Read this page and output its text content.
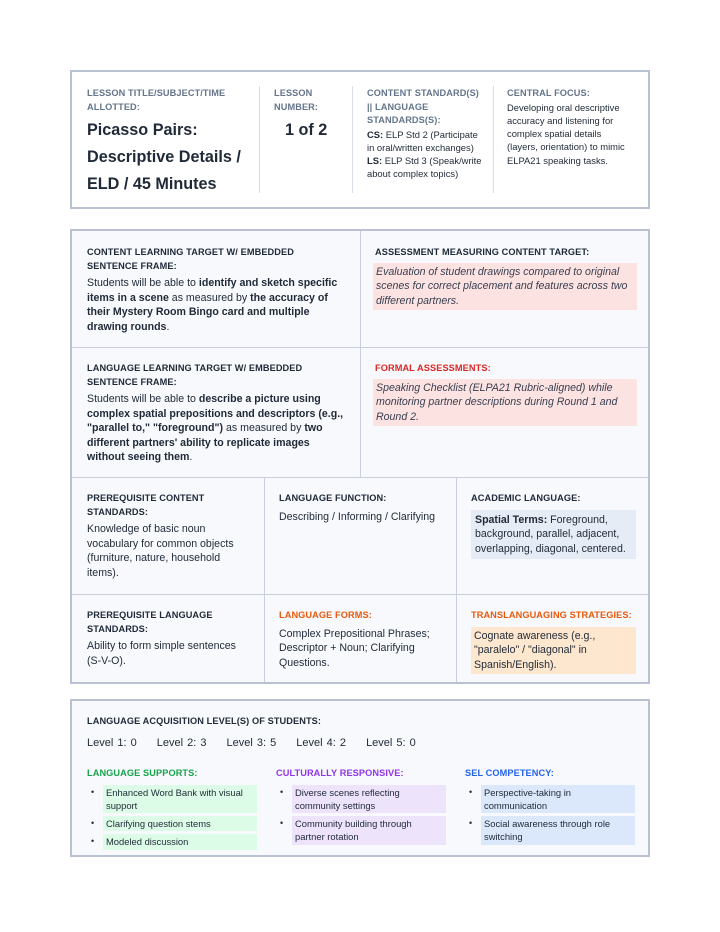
LESSON TITLE/SUBJECT/TIME ALLOTTED:
Picasso Pairs: Descriptive Details / ELD / 45 Minutes
LESSON NUMBER:
1 of 2
CONTENT STANDARD(S) || LANGUAGE STANDARDS(S):
CS: ELP Std 2 (Participate in oral/written exchanges)
LS: ELP Std 3 (Speak/write about complex topics)
CENTRAL FOCUS:
Developing oral descriptive accuracy and listening for complex spatial details (layers, orientation) to mimic ELPA21 speaking tasks.
CONTENT LEARNING TARGET W/ EMBEDDED SENTENCE FRAME:
Students will be able to identify and sketch specific items in a scene as measured by the accuracy of their Mystery Room Bingo card and multiple drawing rounds.
ASSESSMENT MEASURING CONTENT TARGET:
Evaluation of student drawings compared to original scenes for correct placement and features across two different partners.
LANGUAGE LEARNING TARGET W/ EMBEDDED SENTENCE FRAME:
Students will be able to describe a picture using complex spatial prepositions and descriptors (e.g., "parallel to," "foreground") as measured by two different partners' ability to replicate images without seeing them.
FORMAL ASSESSMENTS:
Speaking Checklist (ELPA21 Rubric-aligned) while monitoring partner descriptions during Round 1 and Round 2.
PREREQUISITE CONTENT STANDARDS:
Knowledge of basic noun vocabulary for common objects (furniture, nature, household items).
LANGUAGE FUNCTION:
Describing / Informing / Clarifying
ACADEMIC LANGUAGE:
Spatial Terms: Foreground, background, parallel, adjacent, overlapping, diagonal, centered.
PREREQUISITE LANGUAGE STANDARDS:
Ability to form simple sentences (S-V-O).
LANGUAGE FORMS:
Complex Prepositional Phrases; Descriptor + Noun; Clarifying Questions.
TRANSLANGUAGING STRATEGIES:
Cognate awareness (e.g., "paralelo" / "diagonal" in Spanish/English).
LANGUAGE ACQUISITION LEVEL(S) OF STUDENTS:
Level 1: 0 Level 2: 3 Level 3: 5 Level 4: 2 Level 5: 0
LANGUAGE SUPPORTS:
• Enhanced Word Bank with visual support
• Clarifying question stems
• Modeled discussion
CULTURALLY RESPONSIVE:
• Diverse scenes reflecting community settings
• Community building through partner rotation
SEL COMPETENCY:
• Perspective-taking in communication
• Social awareness through role switching
